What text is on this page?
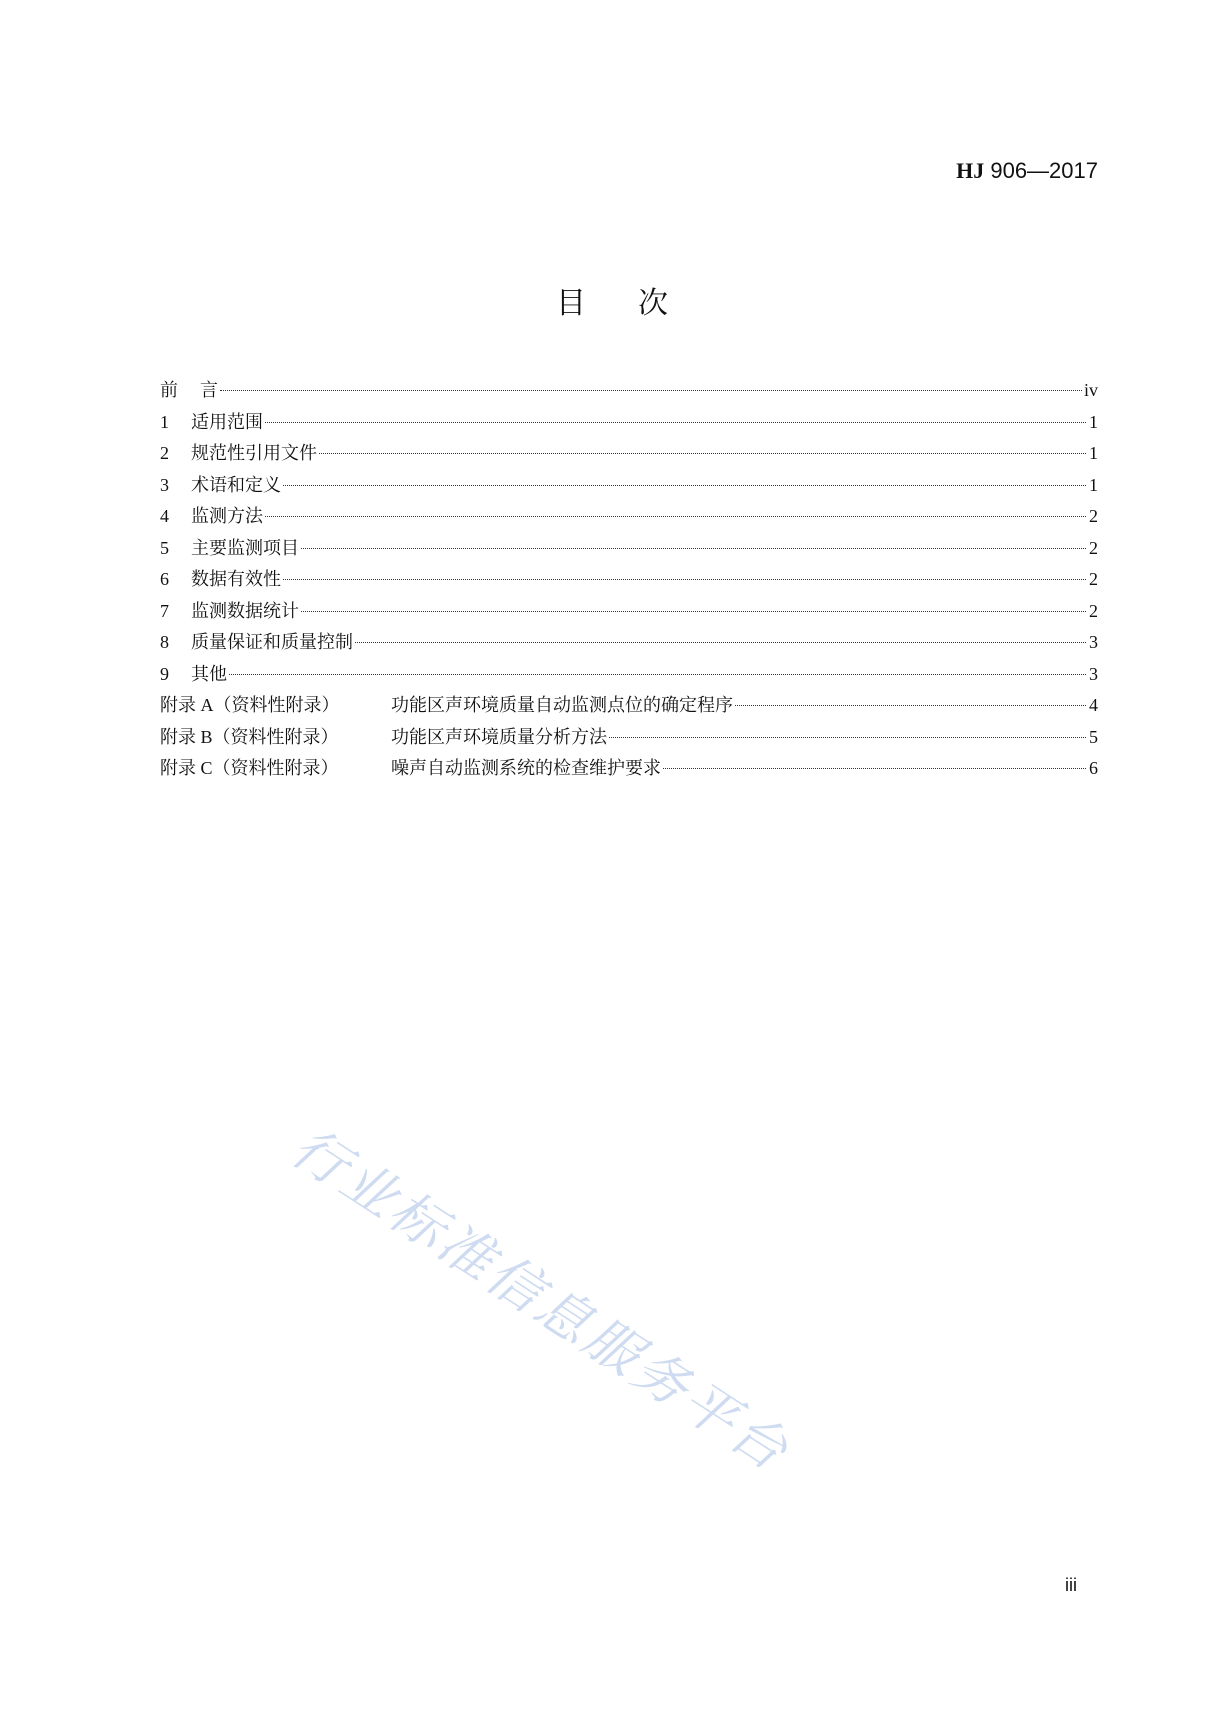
HJ 906—2017
目次
前 言	iv
1	适用范围	1
2	规范性引用文件	1
3	术语和定义	1
4	监测方法	2
5	主要监测项目	2
6	数据有效性	2
7	监测数据统计	2
8	质量保证和质量控制	3
9	其他	3
附录 A（资料性附录）	功能区声环境质量自动监测点位的确定程序	4
附录 B（资料性附录）	功能区声环境质量分析方法	5
附录 C（资料性附录）	噪声自动监测系统的检查维护要求	6
行业标准信息服务平台
iii
